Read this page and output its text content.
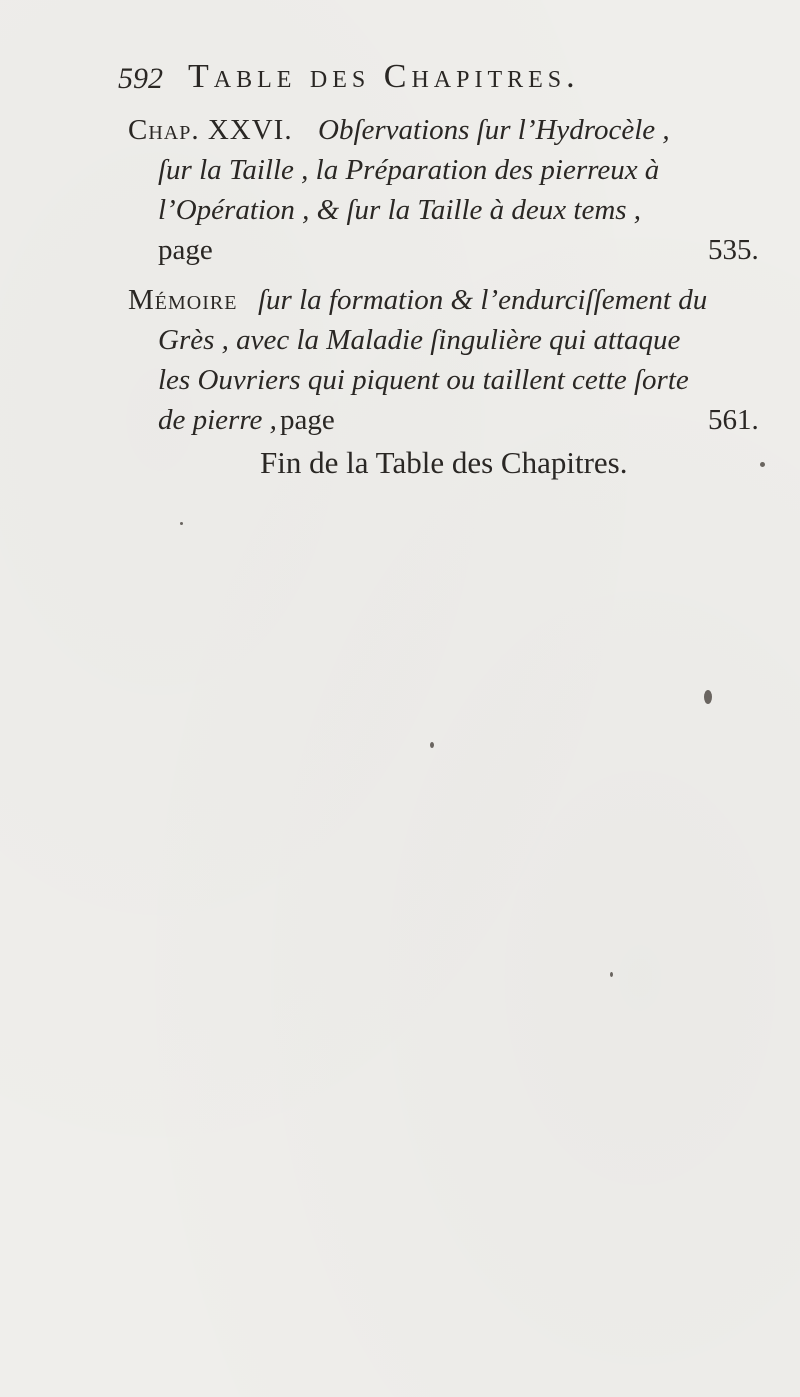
592 Table des Chapitres.
Chap. XXVI. Obſervations ſur l’Hydrocèle ,
ſur la Taille , la Préparation des pierreux à
l’Opération , & ſur la Taille à deux tems ,
page	535.
Mémoire ſur la formation & l’endurciſſement du
Grès , avec la Maladie ſingulière qui attaque
les Ouvriers qui piquent ou taillent cette ſorte
de pierre , page	561.
Fin de la Table des Chapitres.
